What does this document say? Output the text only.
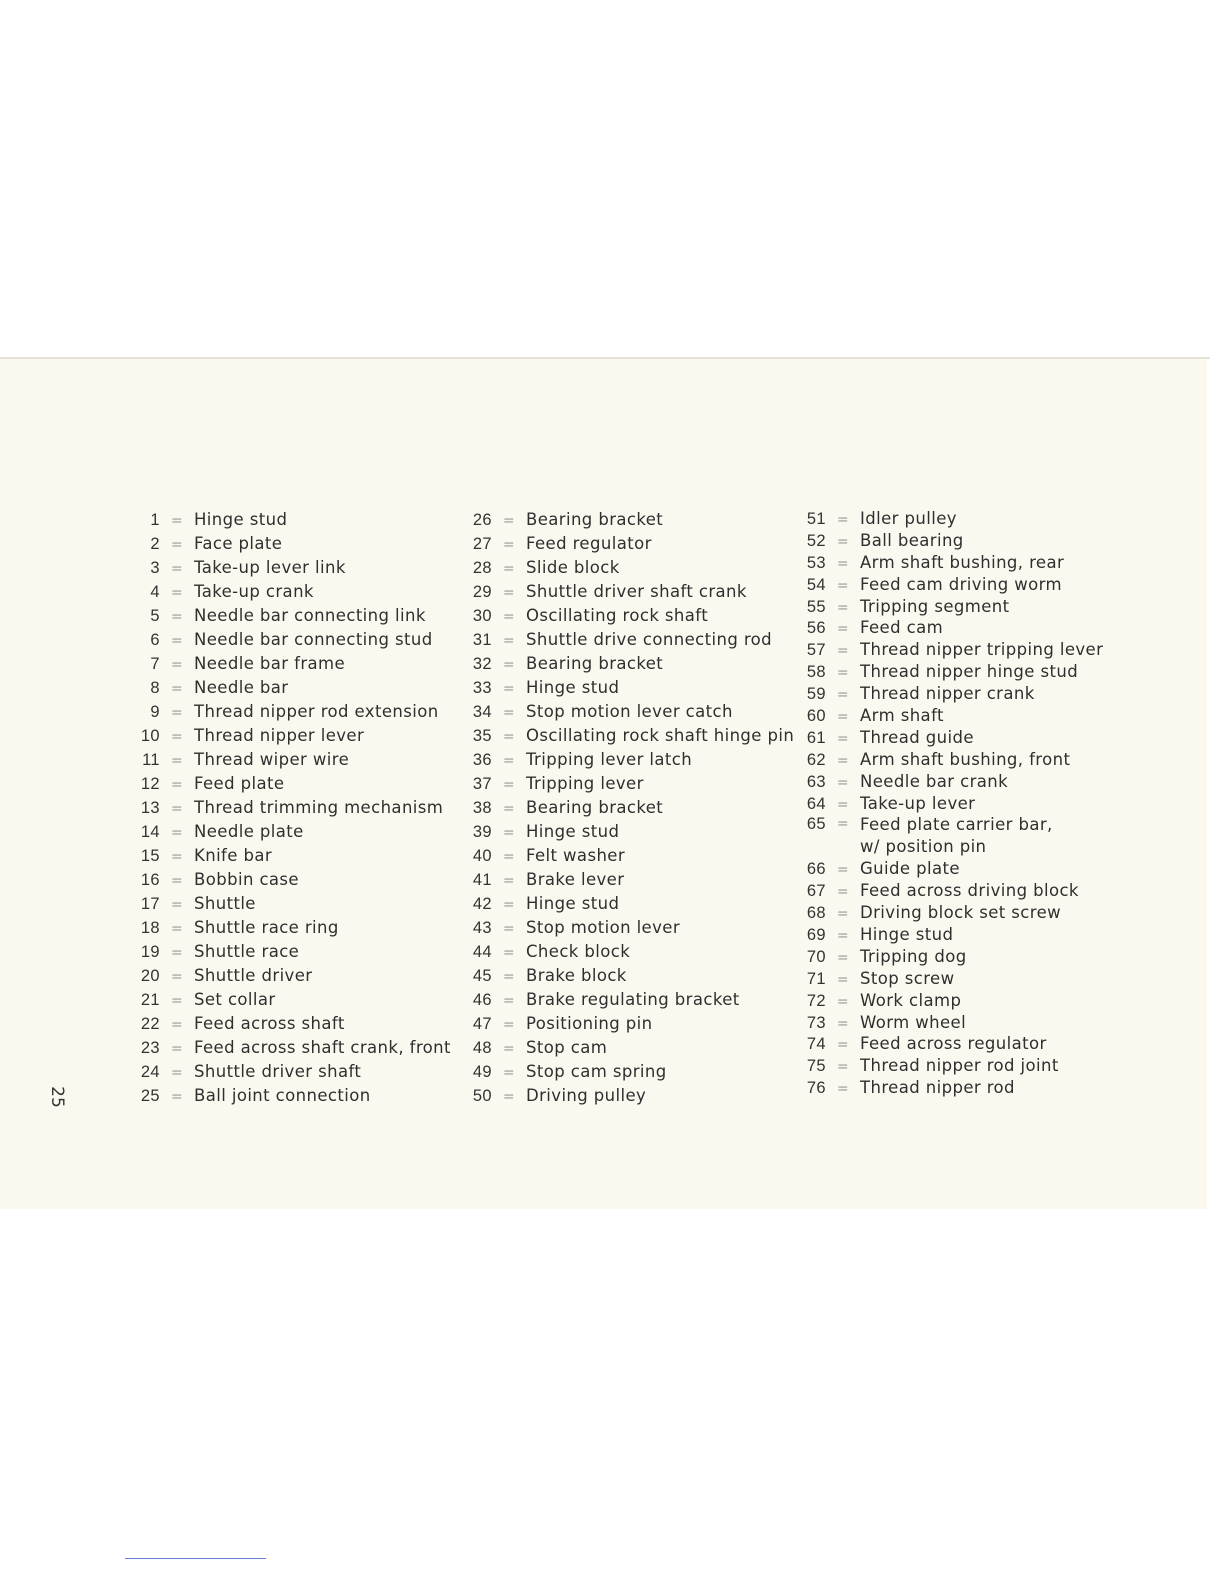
25
1 = Hinge stud
2 = Face plate
3 = Take-up lever link
4 = Take-up crank
5 = Needle bar connecting link
6 = Needle bar connecting stud
7 = Needle bar frame
8 = Needle bar
9 = Thread nipper rod extension
10 = Thread nipper lever
11 = Thread wiper wire
12 = Feed plate
13 = Thread trimming mechanism
14 = Needle plate
15 = Knife bar
16 = Bobbin case
17 = Shuttle
18 = Shuttle race ring
19 = Shuttle race
20 = Shuttle driver
21 = Set collar
22 = Feed across shaft
23 = Feed across shaft crank, front
24 = Shuttle driver shaft
25 = Ball joint connection
26 = Bearing bracket
27 = Feed regulator
28 = Slide block
29 = Shuttle driver shaft crank
30 = Oscillating rock shaft
31 = Shuttle drive connecting rod
32 = Bearing bracket
33 = Hinge stud
34 = Stop motion lever catch
35 = Oscillating rock shaft hinge pin
36 = Tripping lever latch
37 = Tripping lever
38 = Bearing bracket
39 = Hinge stud
40 = Felt washer
41 = Brake lever
42 = Hinge stud
43 = Stop motion lever
44 = Check block
45 = Brake block
46 = Brake regulating bracket
47 = Positioning pin
48 = Stop cam
49 = Stop cam spring
50 = Driving pulley
51 = Idler pulley
52 = Ball bearing
53 = Arm shaft bushing, rear
54 = Feed cam driving worm
55 = Tripping segment
56 = Feed cam
57 = Thread nipper tripping lever
58 = Thread nipper hinge stud
59 = Thread nipper crank
60 = Arm shaft
61 = Thread guide
62 = Arm shaft bushing, front
63 = Needle bar crank
64 = Take-up lever
65 = Feed plate carrier bar,
w/ position pin
66 = Guide plate
67 = Feed across driving block
68 = Driving block set screw
69 = Hinge stud
70 = Tripping dog
71 = Stop screw
72 = Work clamp
73 = Worm wheel
74 = Feed across regulator
75 = Thread nipper rod joint
76 = Thread nipper rod
